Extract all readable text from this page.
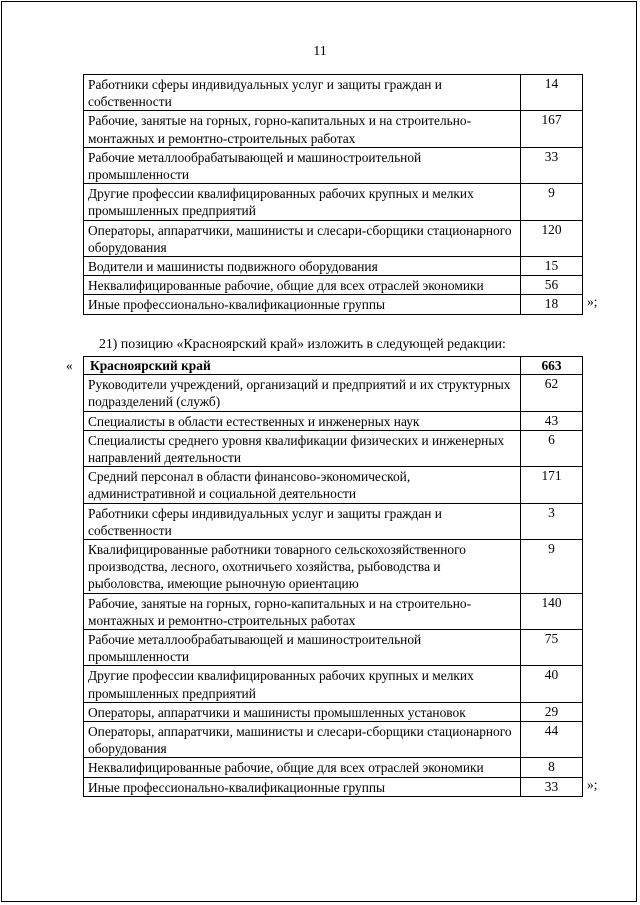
11
Работники сферы индивидуальных услуг и защиты граждан и собственности	14
Рабочие, занятые на горных, горно-капитальных и на строительно-монтажных и ремонтно-строительных работах	167
Рабочие металлообрабатывающей и машиностроительной промышленности	33
Другие профессии квалифицированных рабочих крупных и мелких промышленных предприятий	9
Операторы, аппаратчики, машинисты и слесари-сборщики стационарного оборудования	120
Водители и машинисты подвижного оборудования	15
Неквалифицированные рабочие, общие для всех отраслей экономики	56
Иные профессионально-квалификационные группы	18 »;
21) позицию «Красноярский край» изложить в следующей редакции:
« Красноярский край	663
Руководители учреждений, организаций и предприятий и их структурных подразделений (служб)	62
Специалисты в области естественных и инженерных наук	43
Специалисты среднего уровня квалификации физических и инженерных направлений деятельности	6
Средний персонал в области финансово-экономической, административной и социальной деятельности	171
Работники сферы индивидуальных услуг и защиты граждан и собственности	3
Квалифицированные работники товарного сельскохозяйственного производства, лесного, охотничьего хозяйства, рыбоводства и рыболовства, имеющие рыночную ориентацию	9
Рабочие, занятые на горных, горно-капитальных и на строительно-монтажных и ремонтно-строительных работах	140
Рабочие металлообрабатывающей и машиностроительной промышленности	75
Другие профессии квалифицированных рабочих крупных и мелких промышленных предприятий	40
Операторы, аппаратчики и машинисты промышленных установок	29
Операторы, аппаратчики, машинисты и слесари-сборщики стационарного оборудования	44
Неквалифицированные рабочие, общие для всех отраслей экономики	8
Иные профессионально-квалификационные группы	33 »;
